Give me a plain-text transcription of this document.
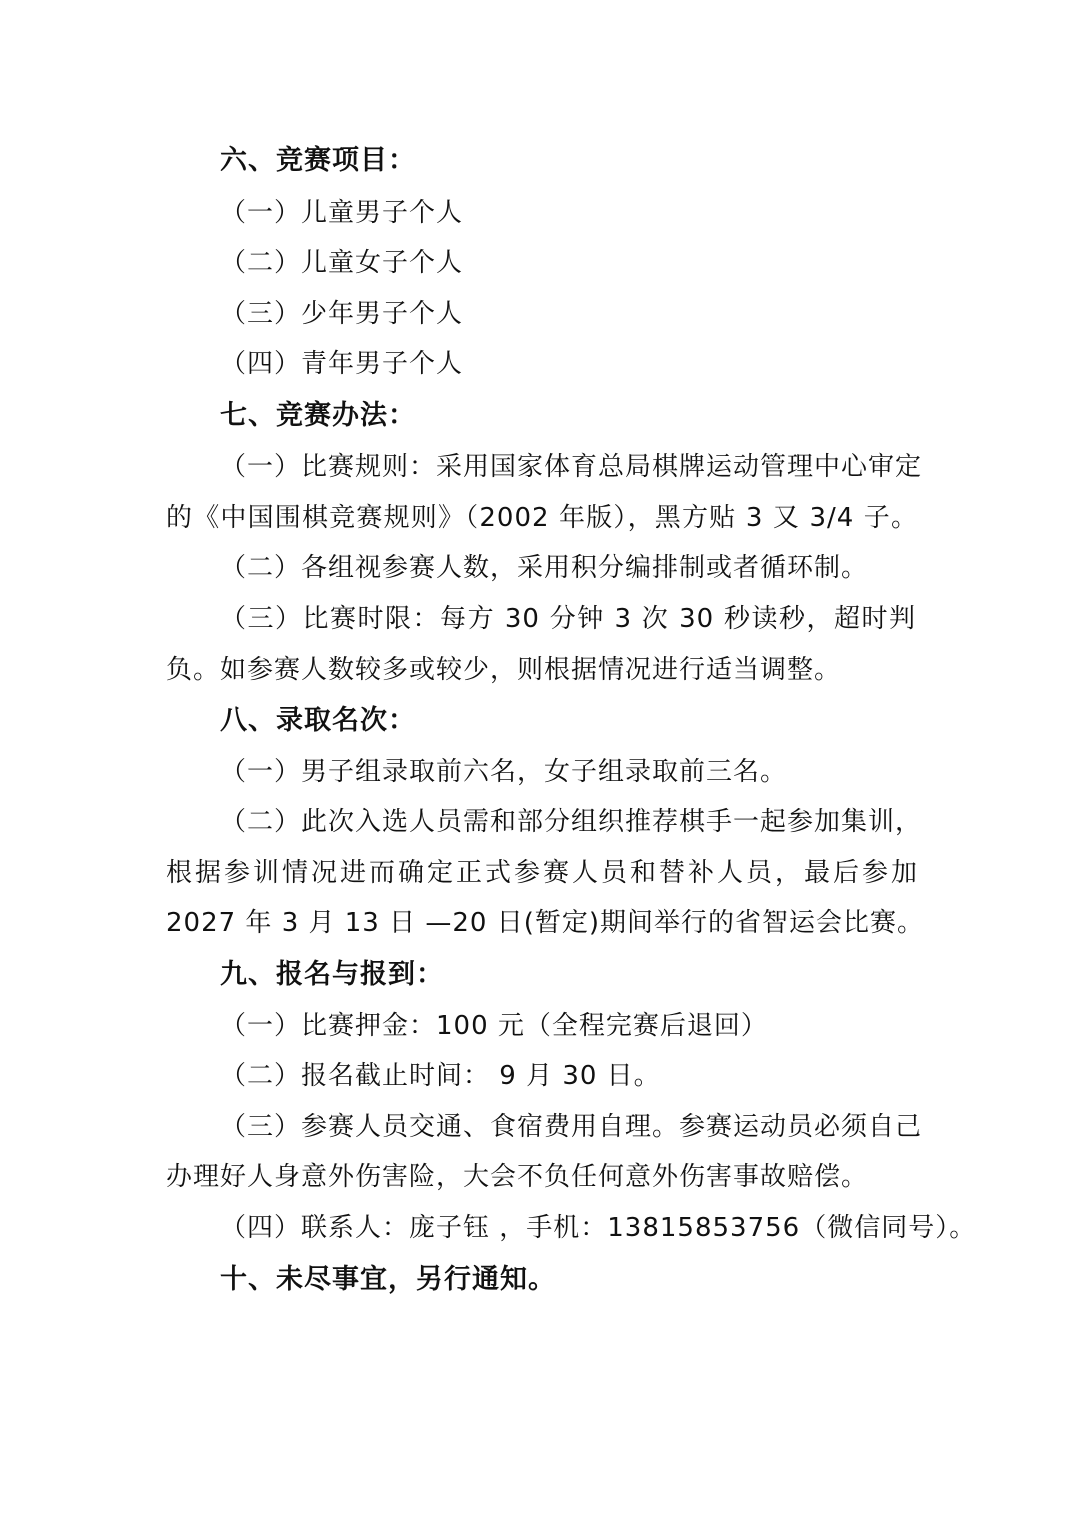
六、竞赛项目：
（一）儿童男子个人
（二）儿童女子个人
（三）少年男子个人
（四）青年男子个人
七、竞赛办法：
（一）比赛规则：采用国家体育总局棋牌运动管理中心审定
的《中国围棋竞赛规则》（2002 年版），黑方贴 3 又 3/4 子。
（二）各组视参赛人数，采用积分编排制或者循环制。
（三）比赛时限：每方 30 分钟 3 次 30 秒读秒，超时判
负。如参赛人数较多或较少，则根据情况进行适当调整。
八、录取名次：
（一）男子组录取前六名，女子组录取前三名。
（二）此次入选人员需和部分组织推荐棋手一起参加集训，
根据参训情况进而确定正式参赛人员和替补人员，最后参加
2027 年 3 月 13 日 —20 日(暂定)期间举行的省智运会比赛。
九、报名与报到：
（一）比赛押金：100 元（全程完赛后退回）
（二）报名截止时间： 9 月 30 日。
（三）参赛人员交通、食宿费用自理。参赛运动员必须自己
办理好人身意外伤害险，大会不负任何意外伤害事故赔偿。
（四）联系人：庞子钰 ，手机：13815853756（微信同号）。
十、未尽事宜，另行通知。
